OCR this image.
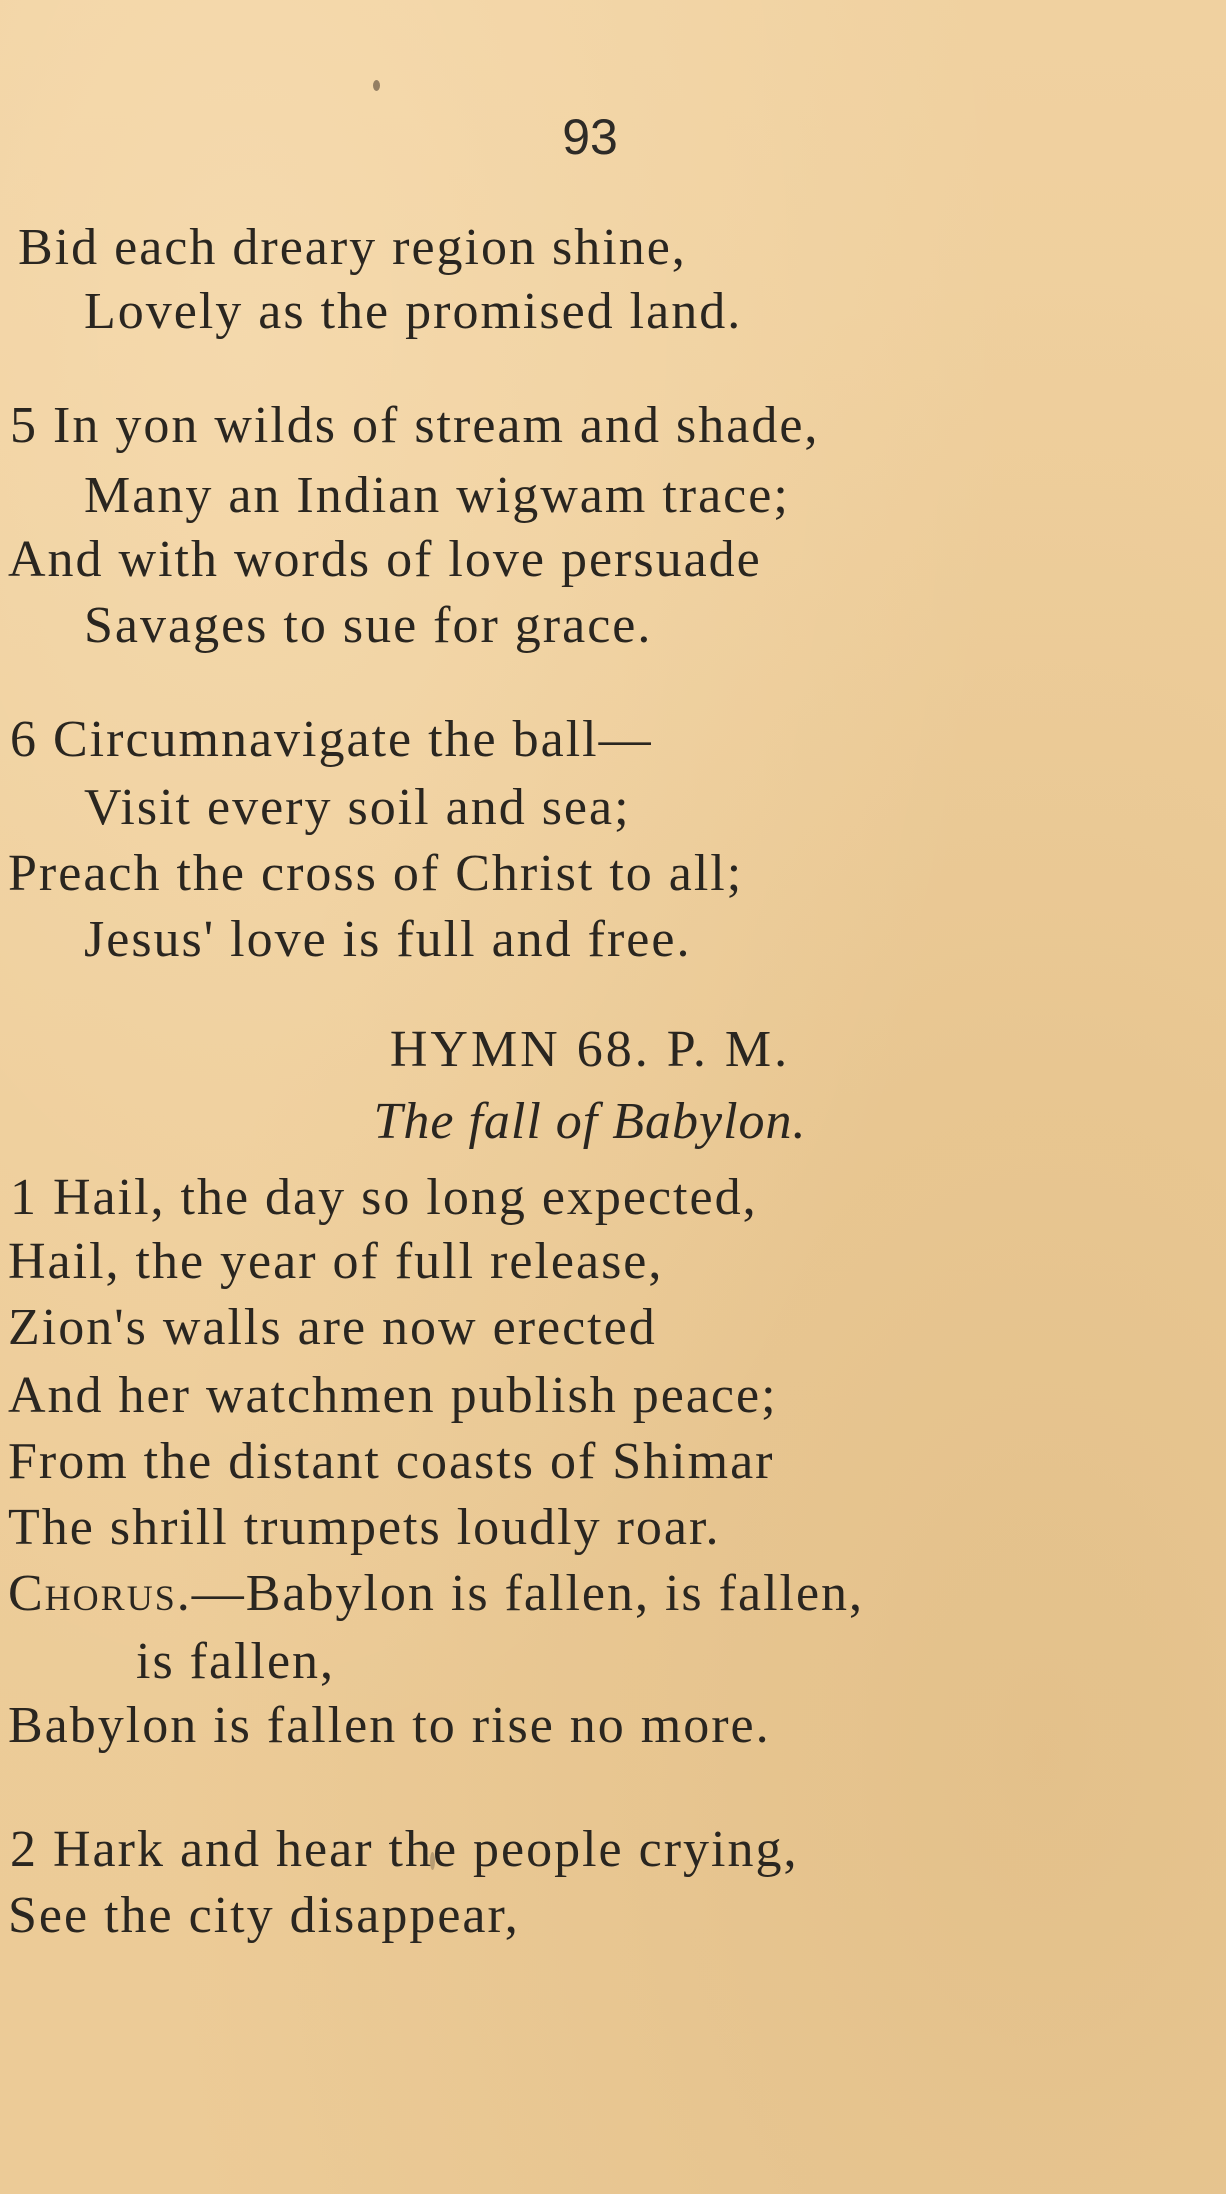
93
Bid each dreary region shine,
Lovely as the promised land.
5 In yon wilds of stream and shade,
Many an Indian wigwam trace;
And with words of love persuade
Savages to sue for grace.
6 Circumnavigate the ball—
Visit every soil and sea;
Preach the cross of Christ to all;
Jesus' love is full and free.
HYMN 68. P. M.
The fall of Babylon.
1 Hail, the day so long expected,
Hail, the year of full release,
Zion's walls are now erected
And her watchmen publish peace;
From the distant coasts of Shimar
The shrill trumpets loudly roar.
Chorus.—Babylon is fallen, is fallen,
is fallen,
Babylon is fallen to rise no more.
2 Hark and hear the people crying,
See the city disappear,
